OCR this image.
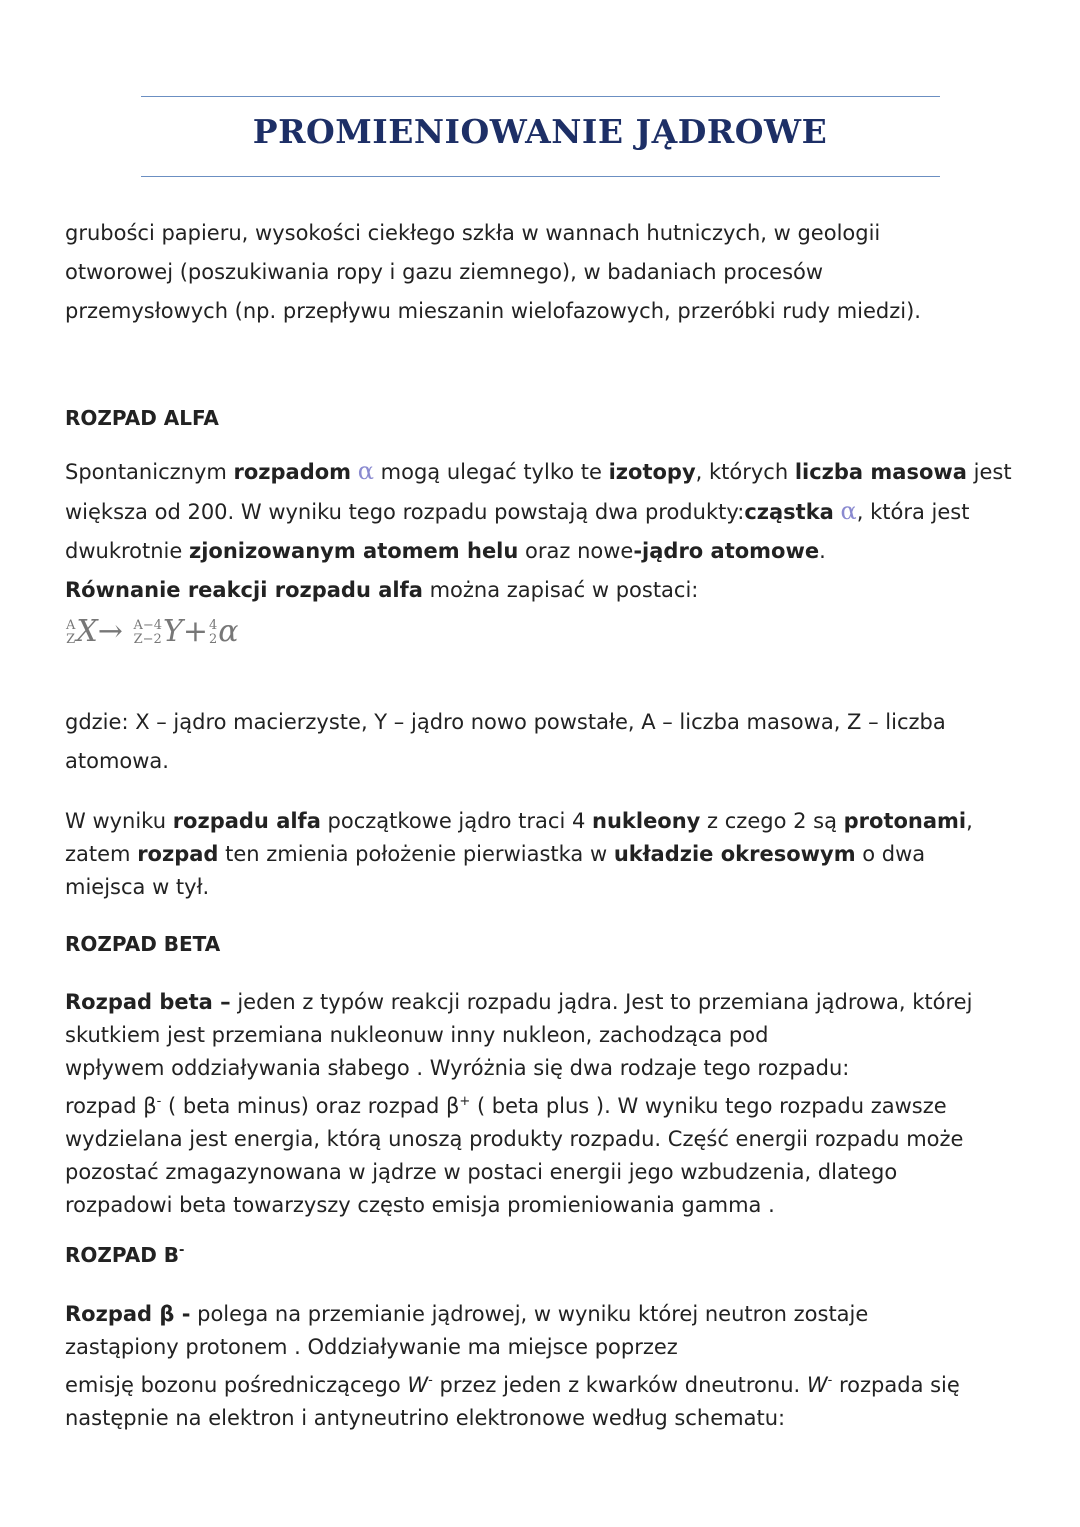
PROMIENIOWANIE JĄDROWE
grubości papieru, wysokości ciekłego szkła w wannach hutniczych, w geologii
otworowej (poszukiwania ropy i gazu ziemnego), w badaniach procesów
przemysłowych (np. przepływu mieszanin wielofazowych, przeróbki rudy miedzi).
ROZPAD ALFA
Spontanicznym rozpadom α mogą ulegać tylko te izotopy, których liczba masowa jest
większa od 200. W wyniku tego rozpadu powstają dwa produkty:cząstka α, która jest
dwukrotnie zjonizowanym atomem helu oraz nowe-jądro atomowe.
Równanie reakcji rozpadu alfa można zapisać w postaci:
A
Z X→ A−4
Z−2 Y+ 4
2 α
gdzie: X – jądro macierzyste, Y – jądro nowo powstałe, A – liczba masowa, Z – liczba
atomowa.
W wyniku rozpadu alfa początkowe jądro traci 4 nukleony z czego 2 są protonami,
zatem rozpad ten zmienia położenie pierwiastka w układzie okresowym o dwa
miejsca w tył.
ROZPAD BETA
Rozpad beta – jeden z typów reakcji rozpadu jądra. Jest to przemiana jądrowa, której
skutkiem jest przemiana nukleonuw inny nukleon, zachodząca pod
wpływem oddziaływania słabego . Wyróżnia się dwa rodzaje tego rozpadu:
rozpad β- ( beta minus) oraz rozpad β+ ( beta plus ). W wyniku tego rozpadu zawsze
wydzielana jest energia, którą unoszą produkty rozpadu. Część energii rozpadu może
pozostać zmagazynowana w jądrze w postaci energii jego wzbudzenia, dlatego
rozpadowi beta towarzyszy często emisja promieniowania gamma .
ROZPAD Β-
Rozpad β - polega na przemianie jądrowej, w wyniku której neutron zostaje
zastąpiony protonem . Oddziaływanie ma miejsce poprzez
emisję bozonu pośredniczącego W- przez jeden z kwarków dneutronu. W- rozpada się
następnie na elektron i antyneutrino elektronowe według schematu:
